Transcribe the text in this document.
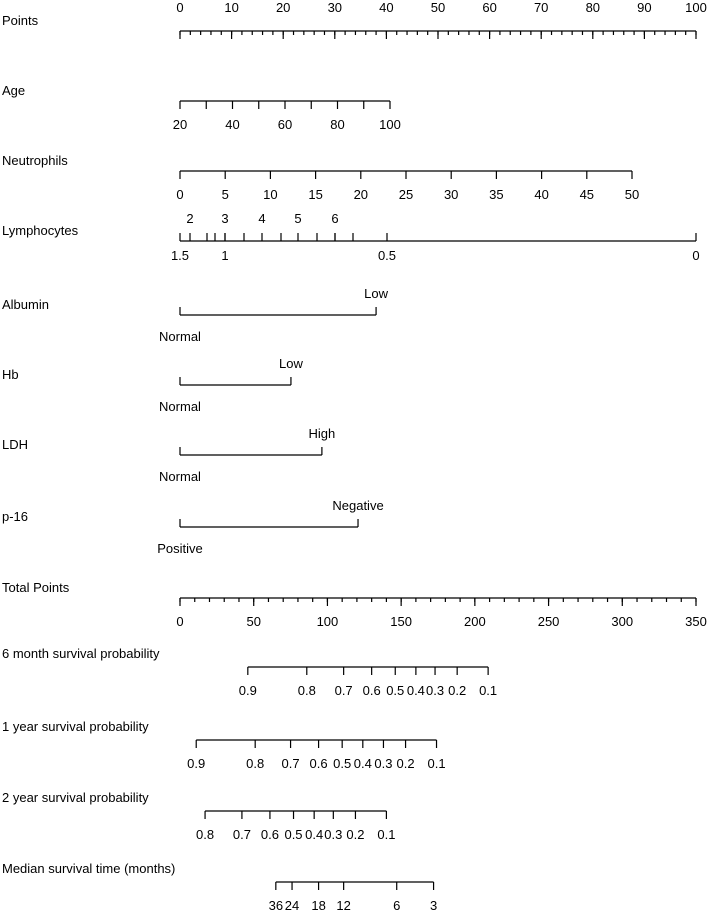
Points
0	10	20	30	40	50	60	70	80	90	100
Age
20	40	60	80	100
Neutrophils
0	5	10 15 20 25 30 35 40 45 50
Lymphocytes
1.5 1	0.5	0
2 3 4 5 6
Albumin
Normal
Low
Hb
Normal
Low
LDH
Normal
High
p-16
Positive
Negative
Total Points
0	50	100	150	200	250	300	350
6 month survival probability
0.9	0.8 0.7 0.6 0.5 0.4 0.3 0.2 0.1
1 year survival probability
0.9	0.8 0.7 0.6 0.5 0.4 0.3 0.2 0.1
2 year survival probability
0.8 0.7 0.6 0.5 0.4 0.3 0.2 0.1
Median survival time (months)
36 24 18 12	6 3
